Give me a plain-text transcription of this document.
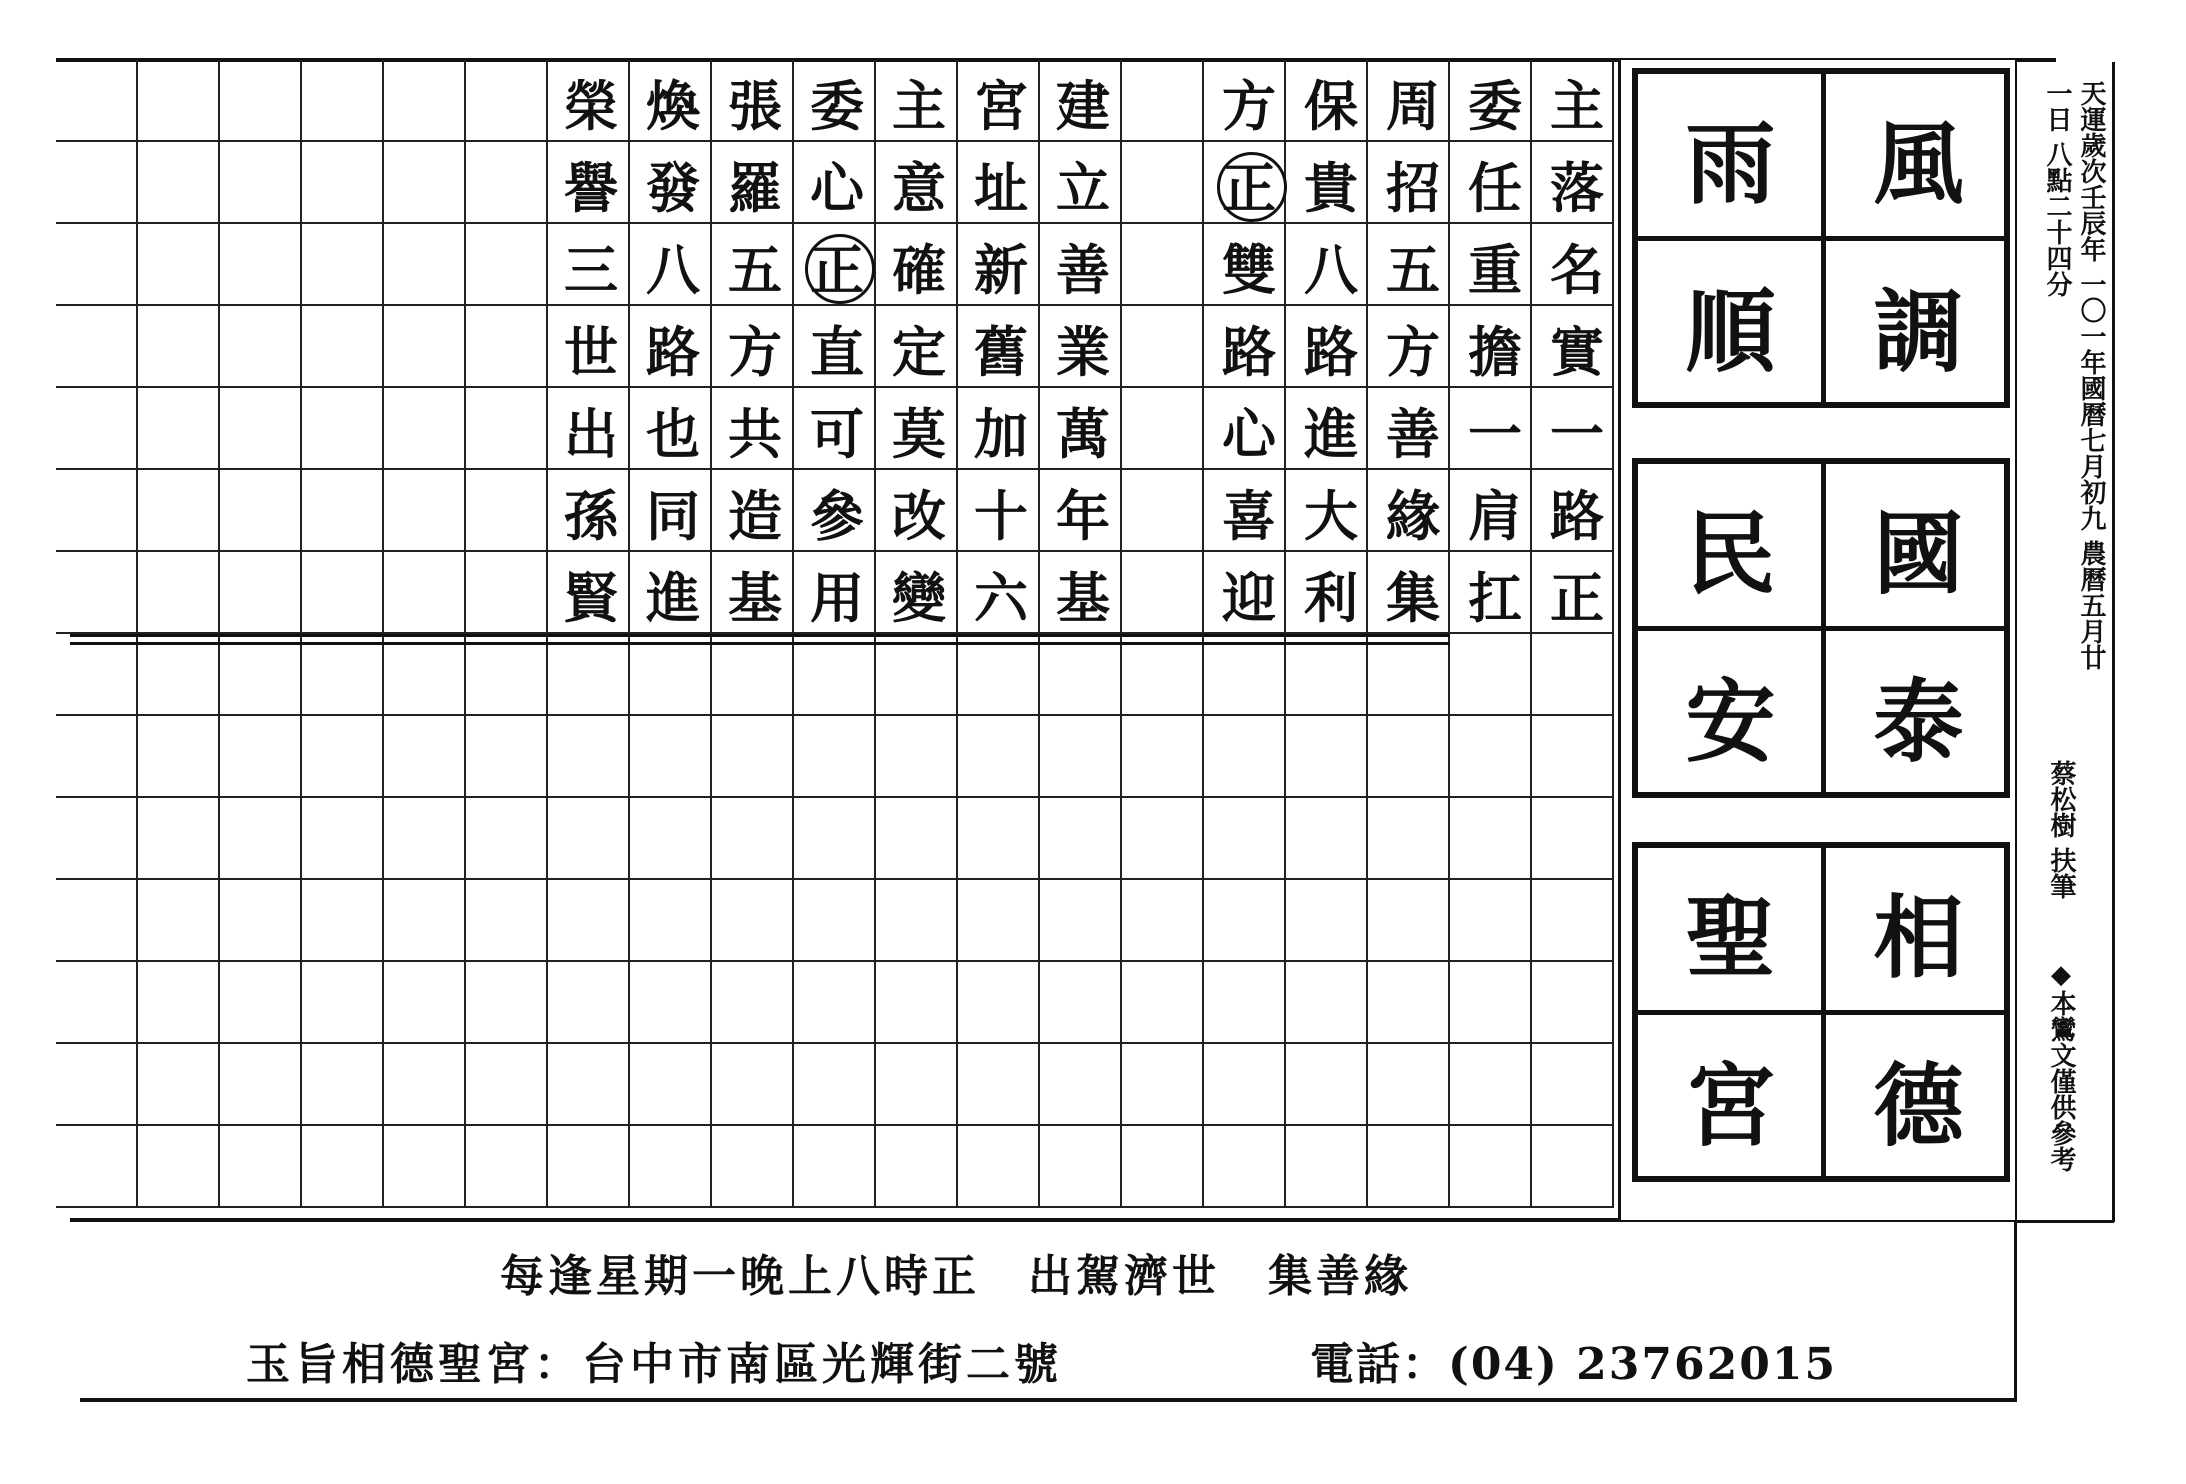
榮
譽
三
世
出
孫
賢
煥
發
八
路
也
同
進
張
羅
五
方
共
造
基
委
心
正
直
可
參
用
主
意
確
定
莫
改
變
宮
址
新
舊
加
十
六
建
立
善
業
萬
年
基
方
正
雙
路
心
喜
迎
保
貴
八
路
進
大
利
周
招
五
方
善
緣
集
委
任
重
擔
一
肩
扛
主
落
名
實
一
路
正
風
調
雨
順
國
泰
民
安
相
德
聖
宮
天運歲次壬辰年 一〇一年國曆七月初九 農曆五月廿一日 八點二十四分
蔡松樹 扶筆
◆本鸞文僅供參考
每逢星期一晚上八時正　出駕濟世　集善緣
玉旨相德聖宮：台中市南區光輝街二號	電話：(04) 23762015
